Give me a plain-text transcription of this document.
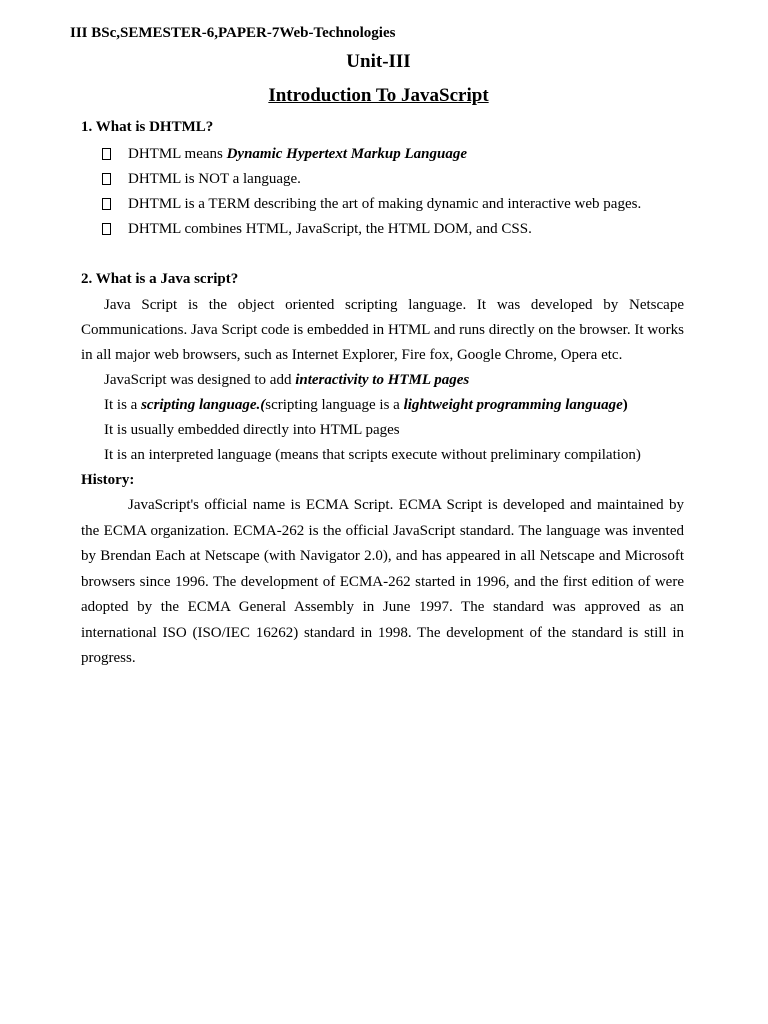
III BSc,SEMESTER-6,PAPER-7Web-Technologies
Unit-III
Introduction To JavaScript

1. What is DHTML?

DHTML means Dynamic Hypertext Markup Language
DHTML is NOT a language.
DHTML is a TERM describing the art of making dynamic and interactive web pages.
DHTML combines HTML, JavaScript, the HTML DOM, and CSS.

2. What is a Java script?

Java Script is the object oriented scripting language. It was developed by Netscape Communications. Java Script code is embedded in HTML and runs directly on the browser. It works in all major web browsers, such as Internet Explorer, Fire fox, Google Chrome, Opera etc.

JavaScript was designed to add interactivity to HTML pages

It is a scripting language.(scripting language is a lightweight programming language)

It is usually embedded directly into HTML pages

It is an interpreted language (means that scripts execute without preliminary compilation)

History:

JavaScript's official name is ECMA Script. ECMA Script is developed and maintained by the ECMA organization. ECMA-262 is the official JavaScript standard. The language was invented by Brendan Each at Netscape (with Navigator 2.0), and has appeared in all Netscape and Microsoft browsers since 1996. The development of ECMA-262 started in 1996, and the first edition of were adopted by the ECMA General Assembly in June 1997. The standard was approved as an international ISO (ISO/IEC 16262) standard in 1998. The development of the standard is still in progress.
